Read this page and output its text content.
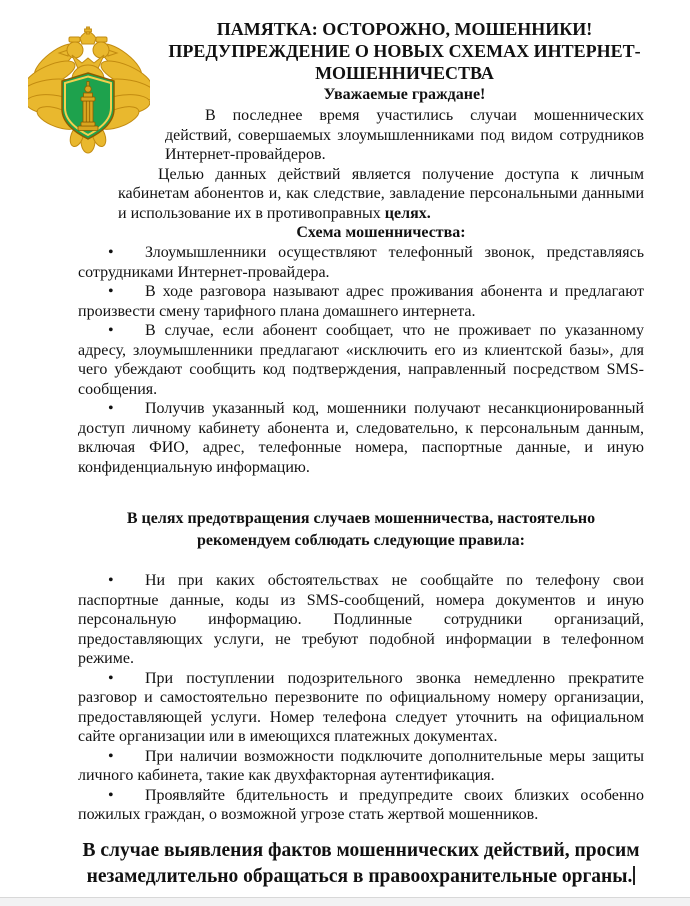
ПАМЯТКА: ОСТОРОЖНО, МОШЕННИКИ!
ПРЕДУПРЕЖДЕНИЕ О НОВЫХ СХЕМАХ ИНТЕРНЕТ-
МОШЕННИЧЕСТВА
Уважаемые граждане!

В последнее время участились случаи мошеннических действий, совершаемых злоумышленниками под видом сотрудников Интернет-провайдеров.

Целью данных действий является получение доступа к личным кабинетам абонентов и, как следствие, завладение персональными данными и использование их в противоправных целях.

Схема мошенничества:

• Злоумышленники осуществляют телефонный звонок, представляясь сотрудниками Интернет-провайдера.

• В ходе разговора называют адрес проживания абонента и предлагают произвести смену тарифного плана домашнего интернета.

• В случае, если абонент сообщает, что не проживает по указанному адресу, злоумышленники предлагают «исключить его из клиентской базы», для чего убеждают сообщить код подтверждения, направленный посредством SMS-сообщения.

• Получив указанный код, мошенники получают несанкционированный доступ личному кабинету абонента и, следовательно, к персональным данным, включая ФИО, адрес, телефонные номера, паспортные данные, и иную конфиденциальную информацию.

В целях предотвращения случаев мошенничества, настоятельно
рекомендуем соблюдать следующие правила:

• Ни при каких обстоятельствах не сообщайте по телефону свои паспортные данные, коды из SMS-сообщений, номера документов и иную персональную информацию. Подлинные сотрудники организаций, предоставляющих услуги, не требуют подобной информации в телефонном режиме.

• При поступлении подозрительного звонка немедленно прекратите разговор и самостоятельно перезвоните по официальному номеру организации, предоставляющей услуги. Номер телефона следует уточнить на официальном сайте организации или в имеющихся платежных документах.

• При наличии возможности подключите дополнительные меры защиты личного кабинета, такие как двухфакторная аутентификация.

• Проявляйте бдительность и предупредите своих близких особенно пожилых граждан, о возможной угрозе стать жертвой мошенников.

В случае выявления фактов мошеннических действий, просим
незамедлительно обращаться в правоохранительные органы.
